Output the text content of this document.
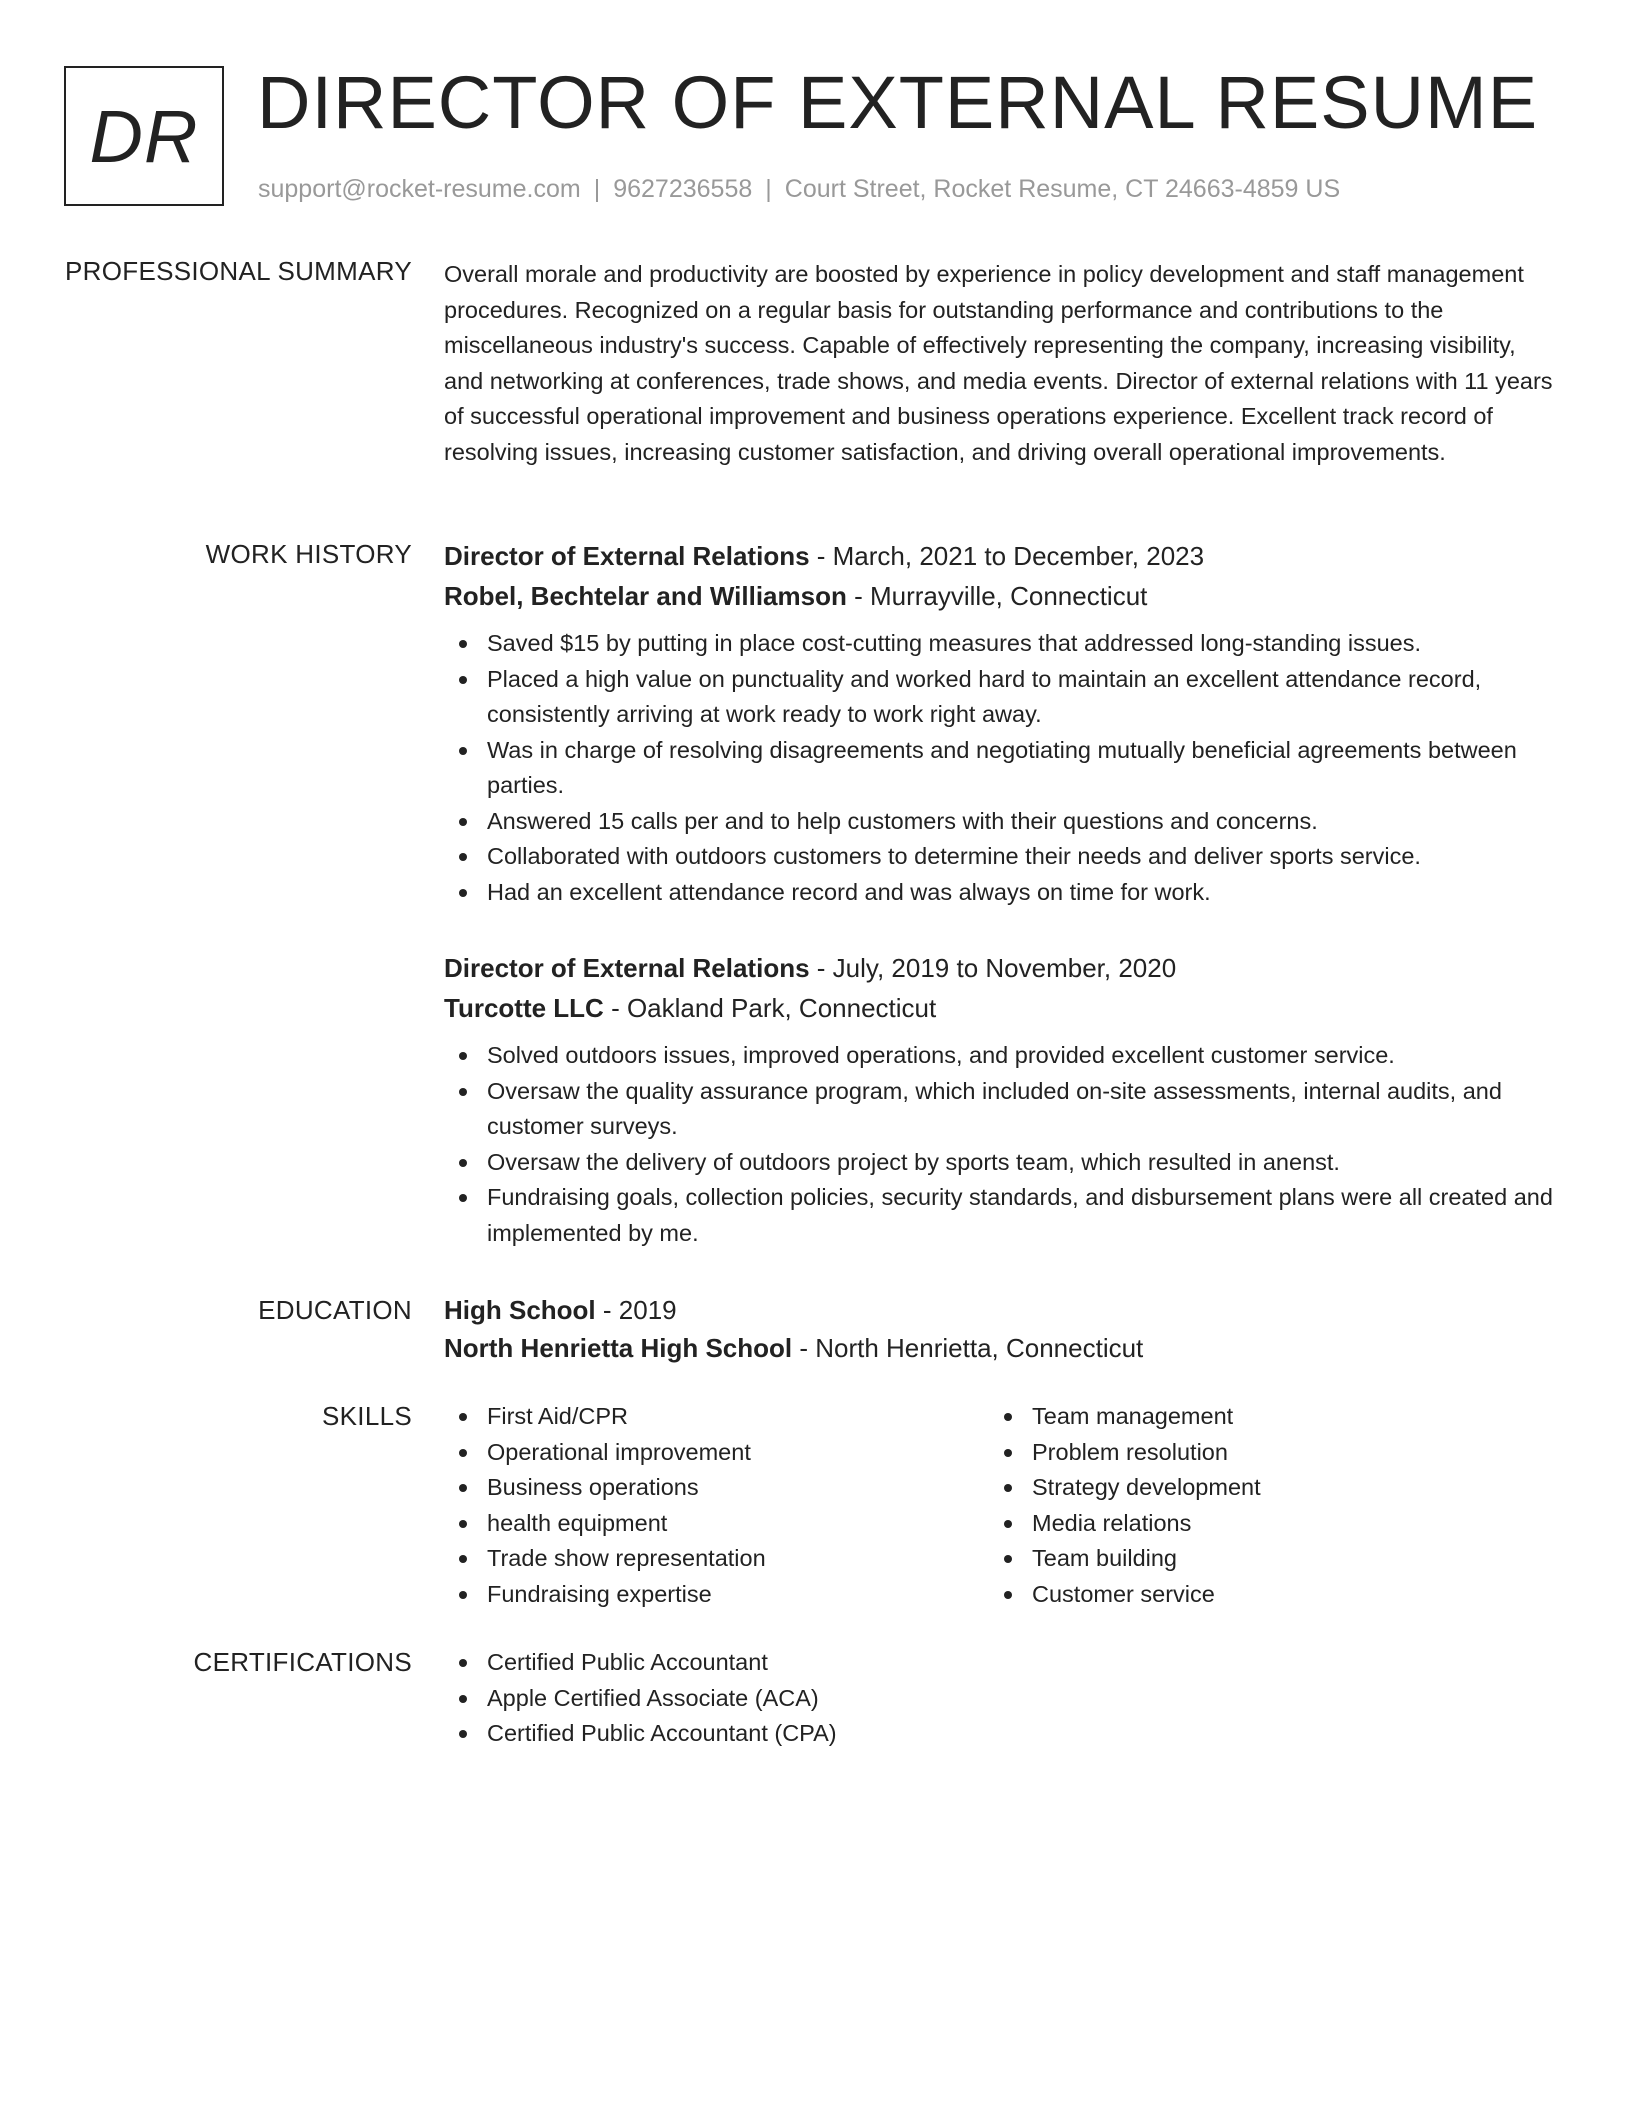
DR DIRECTOR OF EXTERNAL RESUME
support@rocket-resume.com | 9627236558 | Court Street, Rocket Resume, CT 24663-4859 US
PROFESSIONAL SUMMARY Overall morale and productivity are boosted by experience in policy development and staff management procedures. Recognized on a regular basis for outstanding performance and contributions to the miscellaneous industry's success. Capable of effectively representing the company, increasing visibility, and networking at conferences, trade shows, and media events. Director of external relations with 11 years of successful operational improvement and business operations experience. Excellent track record of resolving issues, increasing customer satisfaction, and driving overall operational improvements.

WORK HISTORY Director of External Relations - March, 2021 to December, 2023
Robel, Bechtelar and Williamson - Murrayville, Connecticut
Saved $15 by putting in place cost-cutting measures that addressed long-standing issues.
Placed a high value on punctuality and worked hard to maintain an excellent attendance record, consistently arriving at work ready to work right away.
Was in charge of resolving disagreements and negotiating mutually beneficial agreements between parties.
Answered 15 calls per and to help customers with their questions and concerns.
Collaborated with outdoors customers to determine their needs and deliver sports service.
Had an excellent attendance record and was always on time for work.
Director of External Relations - July, 2019 to November, 2020
Turcotte LLC - Oakland Park, Connecticut
Solved outdoors issues, improved operations, and provided excellent customer service.
Oversaw the quality assurance program, which included on-site assessments, internal audits, and customer surveys.
Oversaw the delivery of outdoors project by sports team, which resulted in anenst.
Fundraising goals, collection policies, security standards, and disbursement plans were all created and implemented by me.
EDUCATION High School - 2019
North Henrietta High School - North Henrietta, Connecticut
SKILLS	First Aid/CPR
Operational improvement
Business operations
health equipment
Trade show representation
Fundraising expertise
Team management
Problem resolution
Strategy development
Media relations
Team building
Customer service
CERTIFICATIONS	Certified Public Accountant
Apple Certified Associate (ACA)
Certified Public Accountant (CPA)
